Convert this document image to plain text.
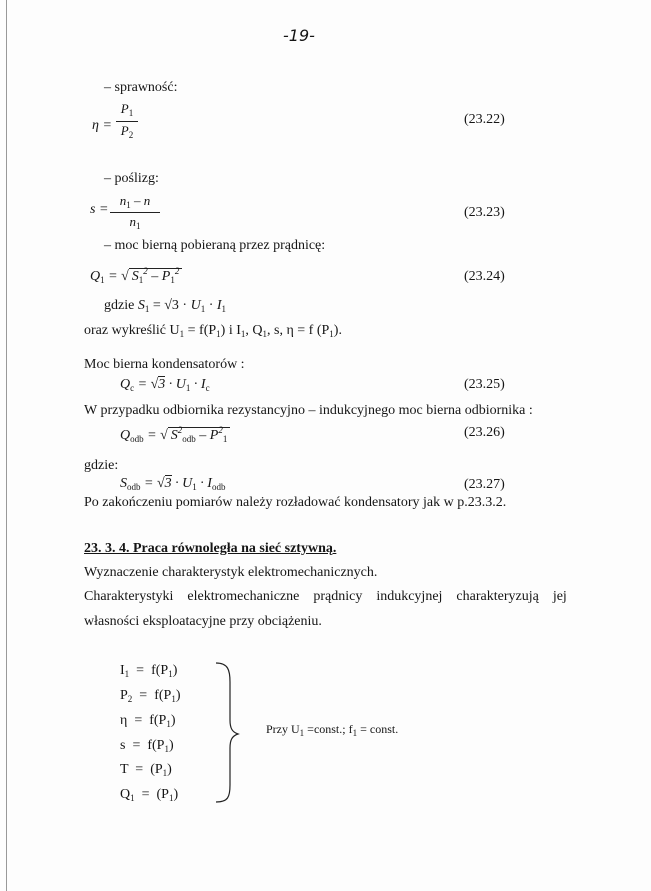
-19-
– sprawność:
η =
$P_1$
$P_2$
(23.22)
– poślizg:
s =
$n_1$ – n
$n_1$
(23.23)
– moc bierną pobieraną przez prądnicę:
$Q_1$ = √ $S_1^2 - P_1^2$	(23.24)
gdzie $S_1 = √3 \cdot U_1 \cdot I_1$
oraz wykreślić $U_1 = f(P_1)$ i $I_1$, $Q_1$, s, η = f $(P_1)$.
Moc bierna kondensatorów :
$Q_c = √3 \cdot U_1 \cdot I_c$	(23.25)
W przypadku odbiornika rezystancyjno – indukcyjnego moc bierna odbiornika :
$Q_{odb}$ = √ $S^2_{odb} - P^2_1$	(23.26)
gdzie:
$S_{odb} = √3 \cdot U_1 \cdot I_{odb}$	(23.27)
Po zakończeniu pomiarów należy rozładować kondensatory jak w p.23.3.2.
23. 3. 4. Praca równoległa na sieć sztywną.
Wyznaczenie charakterystyk elektromechanicznych.
Charakterystyki    elektromechaniczne    prądnicy    indukcyjnej    charakteryzują    jej
własności eksploatacyjne przy obciążeniu.
$I_1 = f(P_1)$
$P_2 = f(P_1)$
$\eta = f(P_1)$
$s = f(P_1)$
$T = (P_1)$
$Q_1 = (P_1)$
Przy $U_1$ =const.; $f_1$ = const.
